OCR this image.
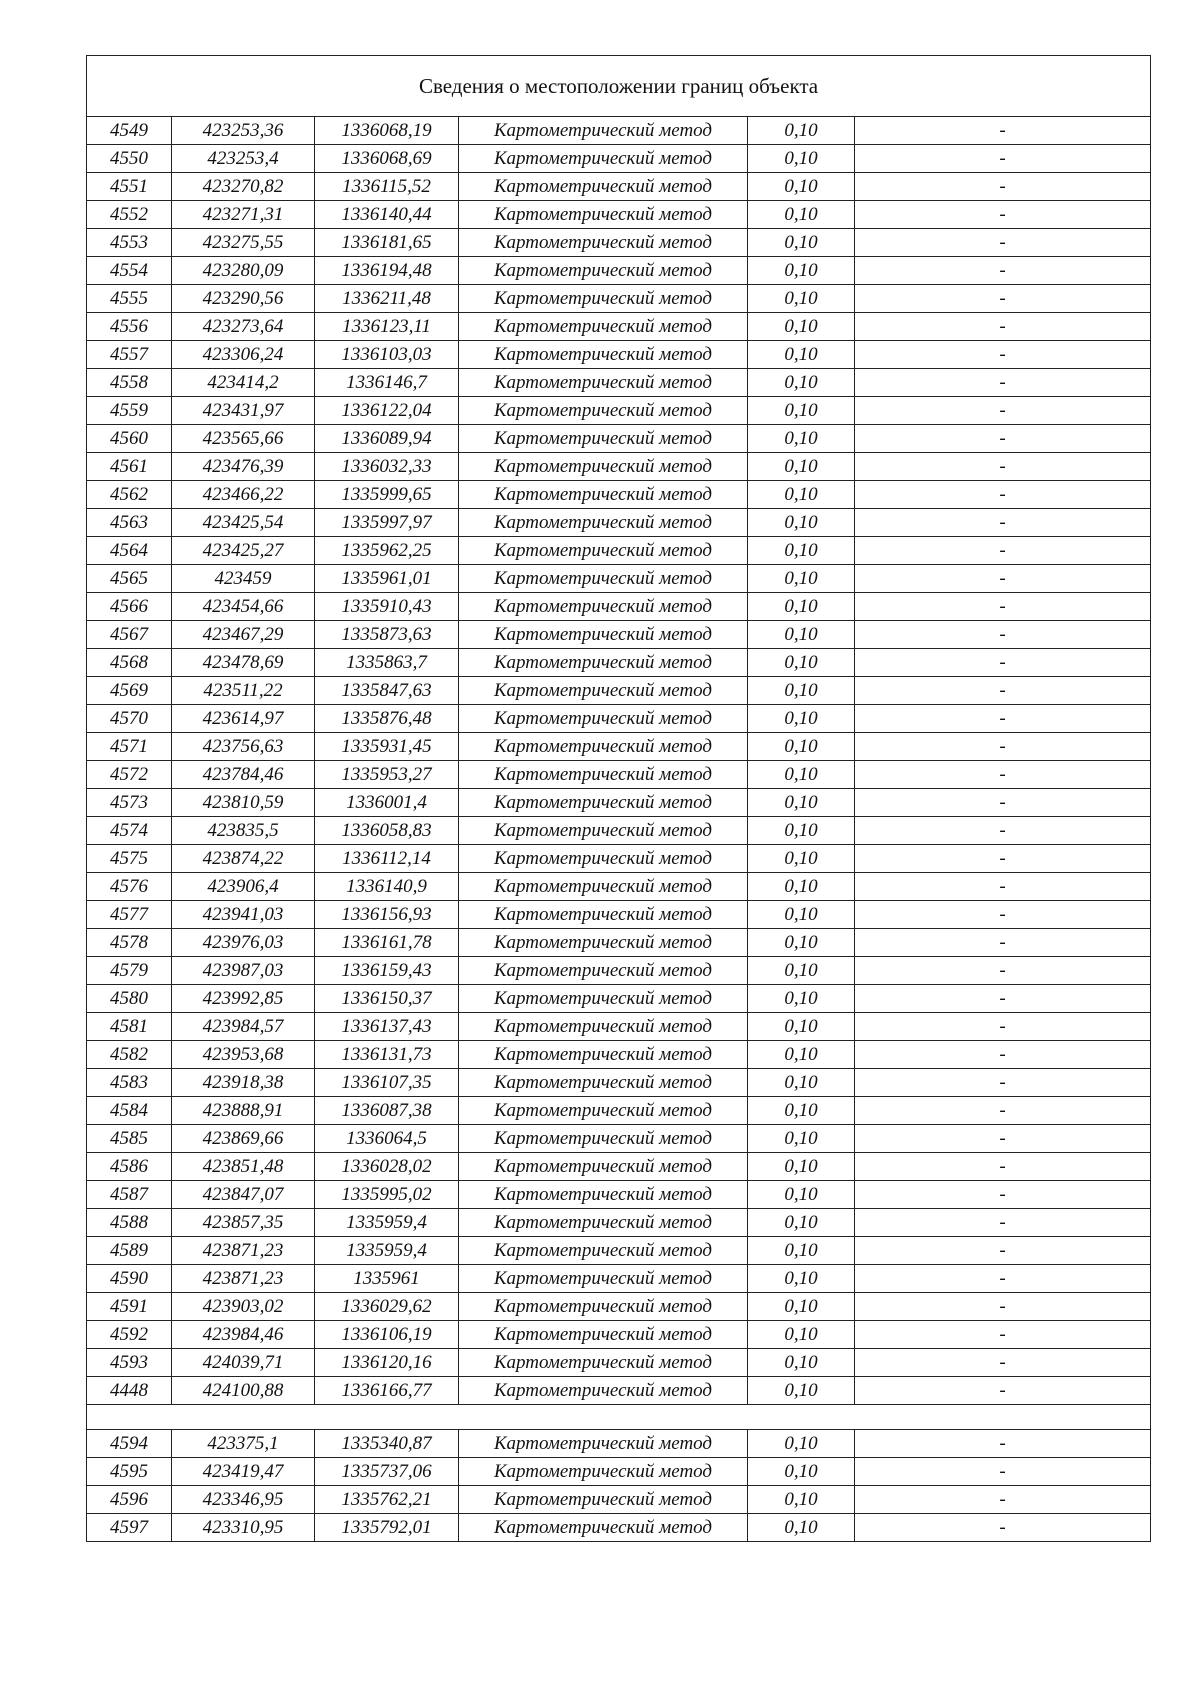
Сведения о местоположении границ объекта					
4549	423253,36	1336068,19	Картометрический метод	0,10	-
4550	423253,4	1336068,69	Картометрический метод	0,10	-
4551	423270,82	1336115,52	Картометрический метод	0,10	-
4552	423271,31	1336140,44	Картометрический метод	0,10	-
4553	423275,55	1336181,65	Картометрический метод	0,10	-
4554	423280,09	1336194,48	Картометрический метод	0,10	-
4555	423290,56	1336211,48	Картометрический метод	0,10	-
4556	423273,64	1336123,11	Картометрический метод	0,10	-
4557	423306,24	1336103,03	Картометрический метод	0,10	-
4558	423414,2	1336146,7	Картометрический метод	0,10	-
4559	423431,97	1336122,04	Картометрический метод	0,10	-
4560	423565,66	1336089,94	Картометрический метод	0,10	-
4561	423476,39	1336032,33	Картометрический метод	0,10	-
4562	423466,22	1335999,65	Картометрический метод	0,10	-
4563	423425,54	1335997,97	Картометрический метод	0,10	-
4564	423425,27	1335962,25	Картометрический метод	0,10	-
4565	423459	1335961,01	Картометрический метод	0,10	-
4566	423454,66	1335910,43	Картометрический метод	0,10	-
4567	423467,29	1335873,63	Картометрический метод	0,10	-
4568	423478,69	1335863,7	Картометрический метод	0,10	-
4569	423511,22	1335847,63	Картометрический метод	0,10	-
4570	423614,97	1335876,48	Картометрический метод	0,10	-
4571	423756,63	1335931,45	Картометрический метод	0,10	-
4572	423784,46	1335953,27	Картометрический метод	0,10	-
4573	423810,59	1336001,4	Картометрический метод	0,10	-
4574	423835,5	1336058,83	Картометрический метод	0,10	-
4575	423874,22	1336112,14	Картометрический метод	0,10	-
4576	423906,4	1336140,9	Картометрический метод	0,10	-
4577	423941,03	1336156,93	Картометрический метод	0,10	-
4578	423976,03	1336161,78	Картометрический метод	0,10	-
4579	423987,03	1336159,43	Картометрический метод	0,10	-
4580	423992,85	1336150,37	Картометрический метод	0,10	-
4581	423984,57	1336137,43	Картометрический метод	0,10	-
4582	423953,68	1336131,73	Картометрический метод	0,10	-
4583	423918,38	1336107,35	Картометрический метод	0,10	-
4584	423888,91	1336087,38	Картометрический метод	0,10	-
4585	423869,66	1336064,5	Картометрический метод	0,10	-
4586	423851,48	1336028,02	Картометрический метод	0,10	-
4587	423847,07	1335995,02	Картометрический метод	0,10	-
4588	423857,35	1335959,4	Картометрический метод	0,10	-
4589	423871,23	1335959,4	Картометрический метод	0,10	-
4590	423871,23	1335961	Картометрический метод	0,10	-
4591	423903,02	1336029,62	Картометрический метод	0,10	-
4592	423984,46	1336106,19	Картометрический метод	0,10	-
4593	424039,71	1336120,16	Картометрический метод	0,10	-
4448	424100,88	1336166,77	Картометрический метод	0,10	-

4594	423375,1	1335340,87	Картометрический метод	0,10	-
4595	423419,47	1335737,06	Картометрический метод	0,10	-
4596	423346,95	1335762,21	Картометрический метод	0,10	-
4597	423310,95	1335792,01	Картометрический метод	0,10	-
